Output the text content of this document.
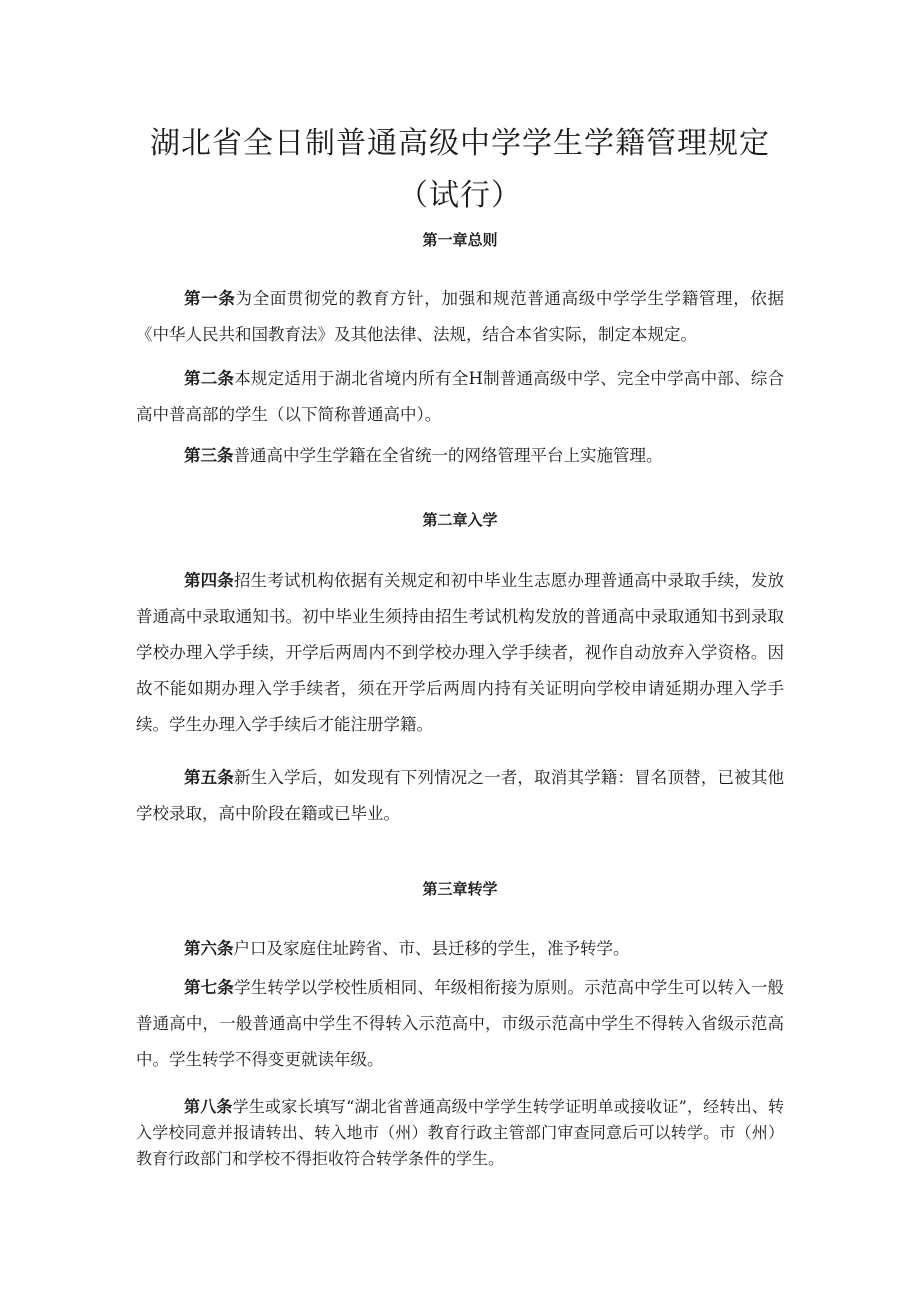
湖北省全日制普通高级中学学生学籍管理规定
（试行）
第一章总则

第一条为全面贯彻党的教育方针，加强和规范普通高级中学学生学籍管理，依据《中华人民共和国教育法》及其他法律、法规，结合本省实际，制定本规定。

第二条本规定适用于湖北省境内所有全H制普通高级中学、完全中学高中部、综合高中普高部的学生（以下简称普通高中）。

第三条普通高中学生学籍在全省统一的网络管理平台上实施管理。

第二章入学

第四条招生考试机构依据有关规定和初中毕业生志愿办理普通高中录取手续，发放普通高中录取通知书。初中毕业生须持由招生考试机构发放的普通高中录取通知书到录取学校办理入学手续，开学后两周内不到学校办理入学手续者，视作自动放弃入学资格。因故不能如期办理入学手续者，须在开学后两周内持有关证明向学校申请延期办理入学手续。学生办理入学手续后才能注册学籍。

第五条新生入学后，如发现有下列情况之一者，取消其学籍：冒名顶替，已被其他学校录取，高中阶段在籍或已毕业。

第三章转学

第六条户口及家庭住址跨省、市、县迁移的学生，准予转学。

第七条学生转学以学校性质相同、年级相衔接为原则。示范高中学生可以转入一般普通高中，一般普通高中学生不得转入示范高中，市级示范高中学生不得转入省级示范高中。学生转学不得变更就读年级。

第八条学生或家长填写“湖北省普通高级中学学生转学证明单或接收证”，经转出、转入学校同意并报请转出、转入地市（州）教育行政主管部门审查同意后可以转学。市（州）教育行政部门和学校不得拒收符合转学条件的学生。
